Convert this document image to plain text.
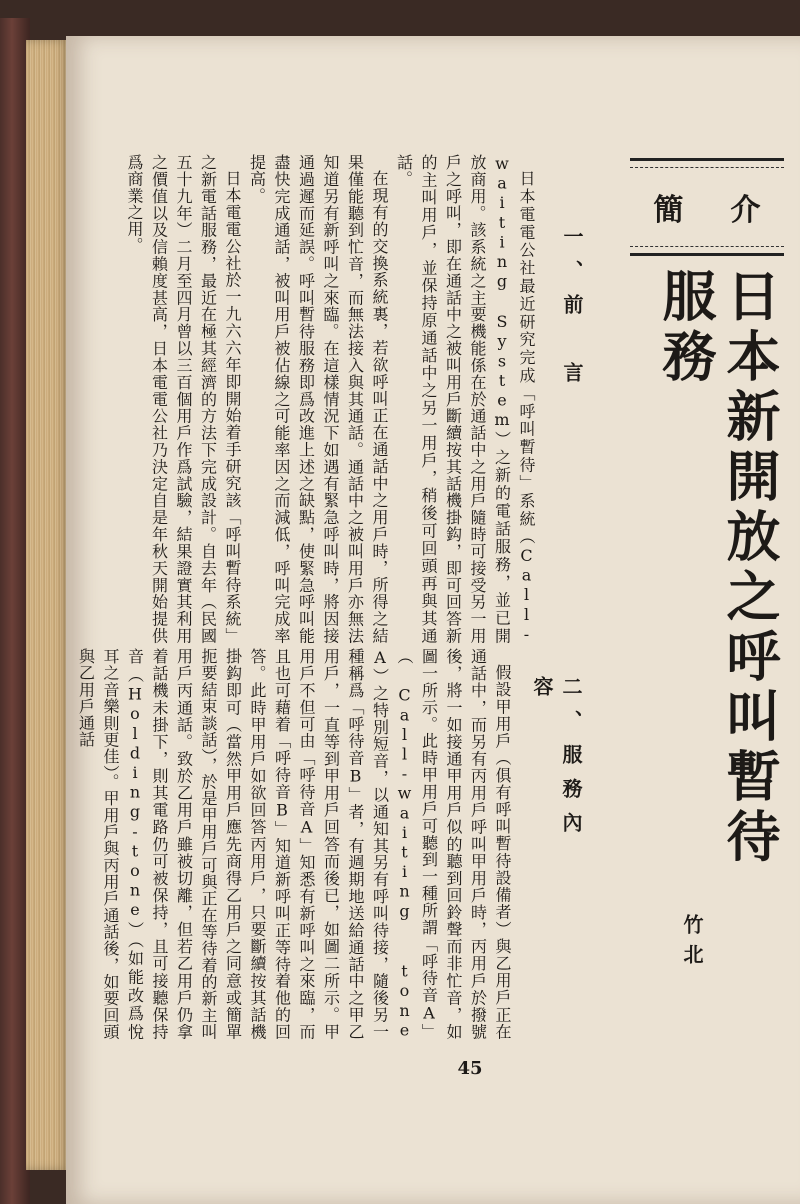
簡 介
日本新開放之呼叫暫待服務
竹北
一、前　言

日本電電公社最近研究完成「呼叫暫待」系統（Call-waiting System）之新的電話服務，並已開放商用。該系統之主要機能係在於通話中之用戶隨時可接受另一用戶之呼叫，即在通話中之被叫用戶斷續按其話機掛鈎，即可回答新的主叫用戶，並保持原通話中之另一用戶，稍後可回頭再與其通話。

在現有的交換系統裏，若欲呼叫正在通話中之用戶時，所得之結果僅能聽到忙音，而無法接入與其通話。通話中之被叫用戶亦無法知道另有新呼叫之來臨。在這樣情況下如遇有緊急呼叫時，將因接通過遲而延誤。呼叫暫待服務即爲改進上述之缺點，使緊急呼叫能盡快完成通話，被叫用戶被佔線之可能率因之而減低，呼叫完成率提高。

日本電電公社於一九六六年即開始着手研究該「呼叫暫待系統」之新電話服務，最近在極其經濟的方法下完成設計。自去年（民國五十九年）二月至四月曾以三百個用戶作爲試驗，結果證實其利用之價值以及信賴度甚高，日本電電公社乃決定自是年秋天開始提供爲商業之用。

二、服務內容

假設甲用戶（俱有呼叫暫待設備者）與乙用戶正在通話中，而另有丙用戶呼叫甲用戶時，丙用戶於撥號後，將一如接通甲用戶似的聽到回鈴聲而非忙音，如圖一所示。此時甲用戶可聽到一種所謂「呼待音A」（Call-waiting tone A）之特別短音，以通知其另有呼叫待接，隨後另一種稱爲「呼待音B」者，有週期地送給通話中之甲乙用戶，一直等到甲用戶回答而後已，如圖二所示。甲用戶不但可由「呼待音A」知悉有新呼叫之來臨，而且也可藉着「呼待音B」知道新呼叫正等待着他的回答。此時甲用戶如欲回答丙用戶，只要斷續按其話機掛鈎即可（當然甲用戶應先商得乙用戶之同意或簡單扼要結束談話），於是甲用戶可與正在等待着的新主叫用戶丙通話。致於乙用戶雖被切離，但若乙用戶仍拿着話機未掛下，則其電路仍可被保持，且可接聽保持音（Holding-tone）（如能改爲悅耳之音樂則更佳）。甲用戶與丙用戶通話後，如要回頭與乙用戶通話

45
